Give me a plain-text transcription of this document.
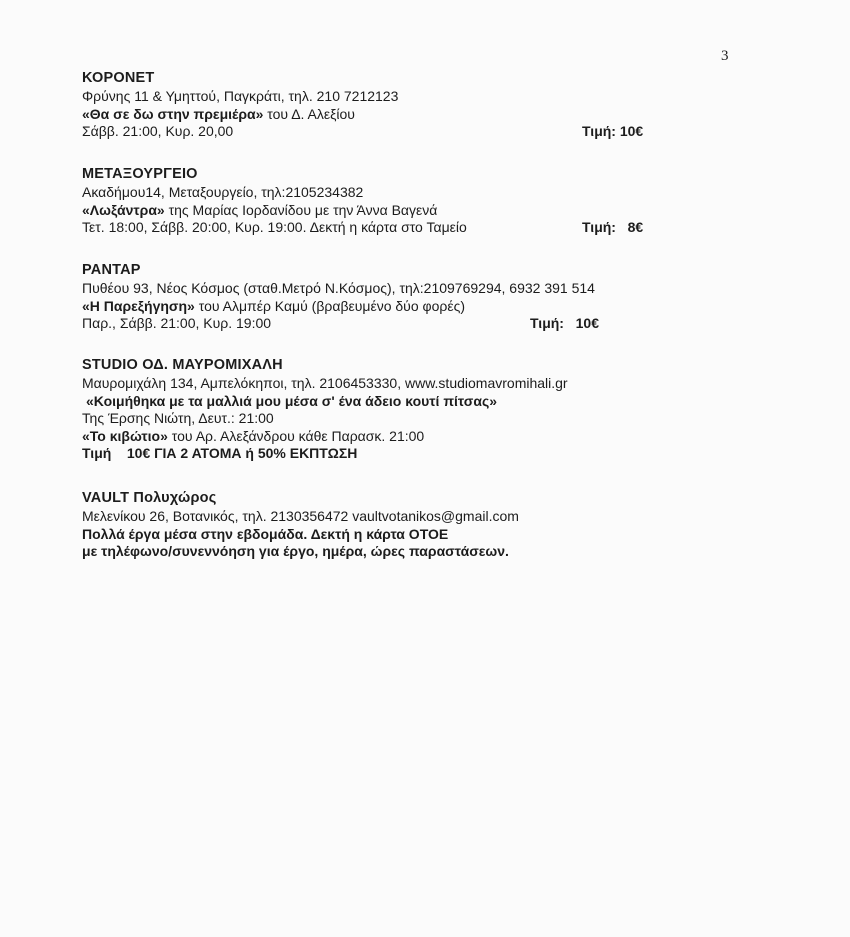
3
ΚΟΡΟΝΕΤ
Φρύνης 11 & Υμηττού, Παγκράτι, τηλ. 210 7212123
«Θα σε δω στην πρεμιέρα» του Δ. Αλεξίου
Σάββ. 21:00, Κυρ. 20,00	Τιμή: 10€
ΜΕΤΑΞΟΥΡΓΕΙΟ
Ακαδήμου14, Μεταξουργείο, τηλ:2105234382
«Λωξάντρα» της Μαρίας Ιορδανίδου με την Άννα Βαγενά
Τετ. 18:00, Σάββ. 20:00, Κυρ. 19:00. Δεκτή η κάρτα στο Ταμείο	Τιμή: 8€
ΡΑΝΤΑΡ
Πυθέου 93, Νέος Κόσμος (σταθ.Μετρό Ν.Κόσμος), τηλ:2109769294, 6932 391 514
«Η Παρεξήγηση» του Αλμπέρ Καμύ (βραβευμένο δύο φορές)
Παρ., Σάββ. 21:00, Κυρ. 19:00	Τιμή: 10€
STUDIO ΟΔ. ΜΑΥΡΟΜΙΧΑΛΗ
Μαυρομιχάλη 134, Αμπελόκηποι, τηλ. 2106453330, www.studiomavromihali.gr
«Κοιμήθηκα με τα μαλλιά μου μέσα σ' ένα άδειο κουτί πίτσας»
Της Έρσης Νιώτη, Δευτ.: 21:00
«Το κιβώτιο» του Αρ. Αλεξάνδρου κάθε Παρασκ. 21:00
Τιμή 10€ ΓΙΑ 2 ΑΤΟΜΑ ή 50% ΕΚΠΤΩΣΗ
VAULT Πολυχώρος
Μελενίκου 26, Βοτανικός, τηλ. 2130356472 vaultvotanikos@gmail.com
Πολλά έργα μέσα στην εβδομάδα. Δεκτή η κάρτα ΟΤΟΕ
με τηλέφωνο/συνεννόηση για έργο, ημέρα, ώρες παραστάσεων.
